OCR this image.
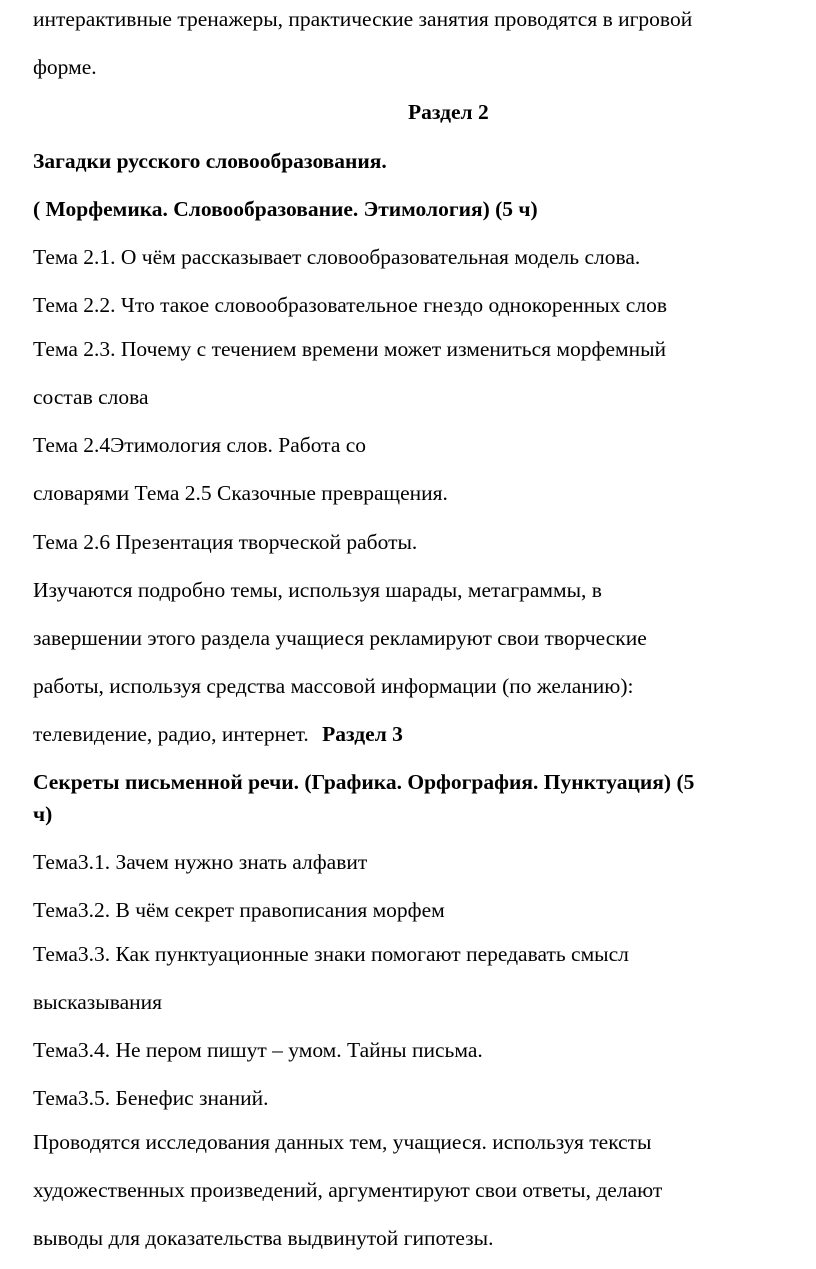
интерактивные тренажеры, практические занятия проводятся в игровой

форме.

Раздел 2

Загадки русского словообразования.

( Морфемика. Словообразование. Этимология) (5 ч)

Тема 2.1. О чём рассказывает словообразовательная модель слова.

Тема 2.2. Что такое словообразовательное гнездо однокоренных слов

Тема 2.3. Почему с течением времени может измениться морфемный

состав слова

Тема 2.4Этимология слов. Работа со

словарями Тема 2.5 Сказочные превращения.

Тема 2.6 Презентация творческой работы.

Изучаются подробно темы, используя шарады, метаграммы, в

завершении этого раздела учащиеся рекламируют свои творческие

работы, используя средства массовой информации (по желанию):

телевидение, радио, интернет. Раздел 3

Секреты письменной речи. (Графика. Орфография. Пунктуация) (5

ч)

Тема3.1. Зачем нужно знать алфавит

Тема3.2. В чём секрет правописания морфем

Тема3.3. Как пунктуационные знаки помогают передавать смысл

высказывания

Тема3.4. Не пером пишут – умом. Тайны письма.

Тема3.5. Бенефис знаний.

Проводятся исследования данных тем, учащиеся. используя тексты

художественных произведений, аргументируют свои ответы, делают

выводы для доказательства выдвинутой гипотезы.
